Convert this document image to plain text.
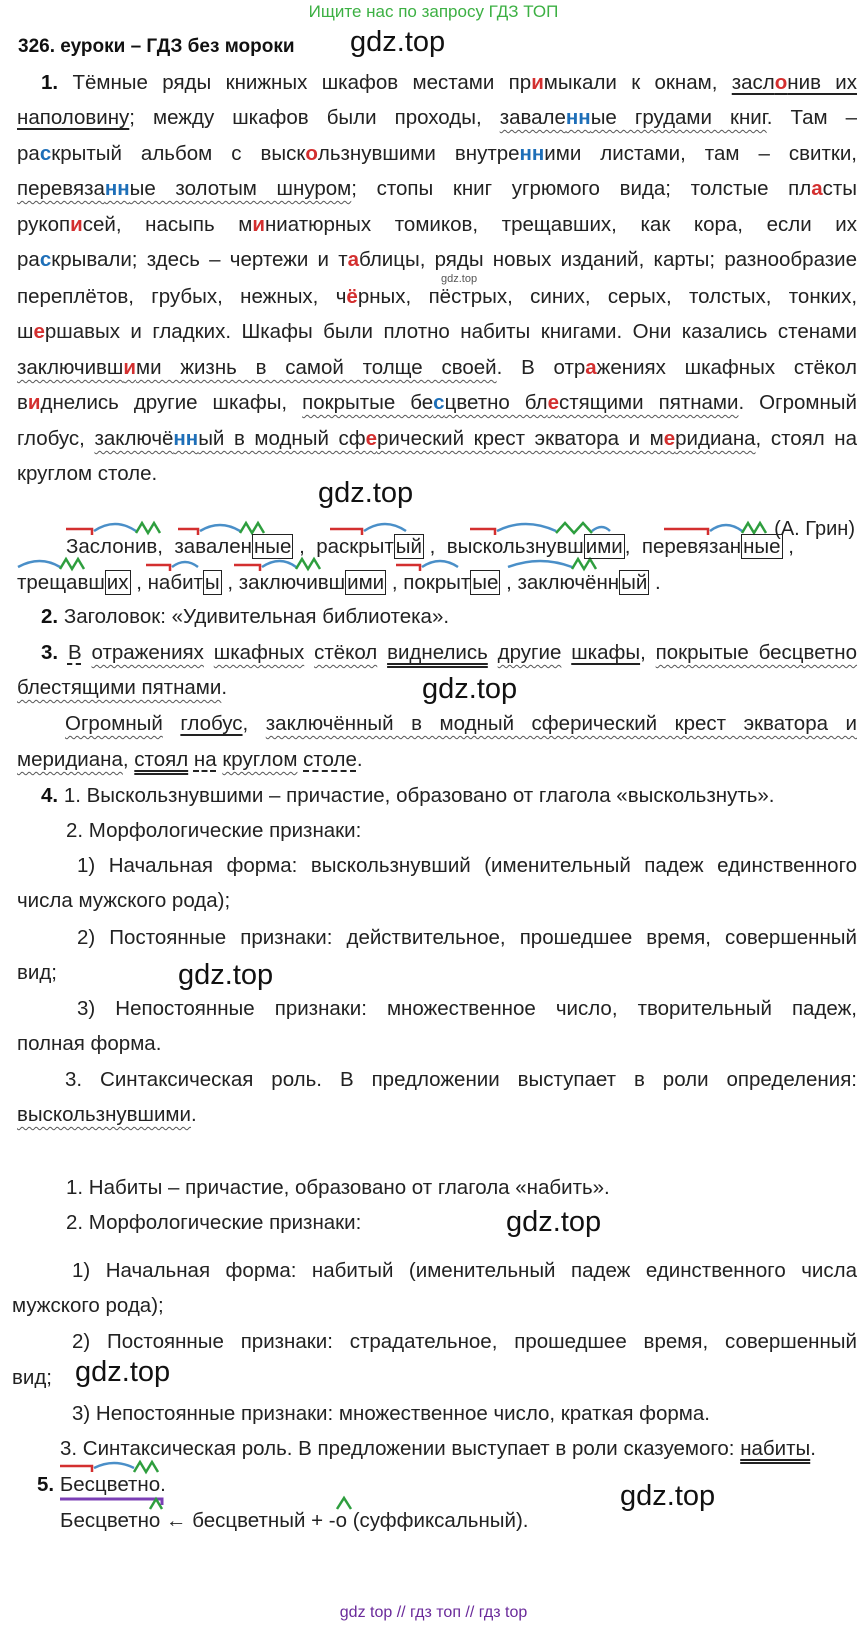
Ищите нас по запросу ГДЗ ТОП
326. еуроки – ГДЗ без мороки gdz.top
1. Тёмные ряды книжных шкафов местами примыкали к окнам, заслонив их
наполовину; между шкафов были проходы, заваленные грудами книг. Там –
раскрытый альбом с выскользнувшими внутренними листами, там – свитки,
перевязанные золотым шнуром; стопы книг угрюмого вида; толстые пласты
рукописей, насыпь миниатюрных томиков, трещавших, как кора, если их
раскрывали; здесь – чертежи и таблицы, ряды новых изданий, карты; разнообразие
gdz.top
переплётов, грубых, нежных, чёрных, пёстрых, синих, серых, толстых, тонких,
шершавых и гладких. Шкафы были плотно набиты книгами. Они казались стенами
заключившими жизнь в самой толще своей. В отражениях шкафных стёкол
виднелись другие шкафы, покрытые бесцветно блестящими пятнами. Огромный
глобус, заключённый в модный сферический крест экватора и меридиана, стоял на
круглом столе.
gdz.top
(А. Грин)
Заслонив, заваленные , раскрытый , выскользнувшими, перевязанные ,
трещавших , набиты , заключившими , покрытые , заключённый .
2. Заголовок: «Удивительная библиотека».
3. В отражениях шкафных стёкол виднелись другие шкафы, покрытые бесцветно
блестящими пятнами.	gdz.top
Огромный глобус, заключённый в модный сферический крест экватора и
меридиана, стоял на круглом столе.
4. 1. Выскользнувшими – причастие, образовано от глагола «выскользнуть».
2. Морфологические признаки:
1) Начальная форма: выскользнувший (именительный падеж единственного
числа мужского рода);
2) Постоянные признаки: действительное, прошедшее время, совершенный
вид;	gdz.top
3) Непостоянные признаки: множественное число, творительный падеж,
полная форма.
3. Синтаксическая роль. В предложении выступает в роли определения:
выскользнувшими.
1. Набиты – причастие, образовано от глагола «набить».
2. Морфологические признаки:	gdz.top
1) Начальная форма: набитый (именительный падеж единственного числа
мужского рода);
2) Постоянные признаки: страдательное, прошедшее время, совершенный
вид; gdz.top
3) Непостоянные признаки: множественное число, краткая форма.
3. Синтаксическая роль. В предложении выступает в роли сказуемого: набиты.
5. Бесцветно.
Бесцветно ← бесцветный + -о (суффиксальный).
gdz.top
gdz top // гдз топ // гдз top
